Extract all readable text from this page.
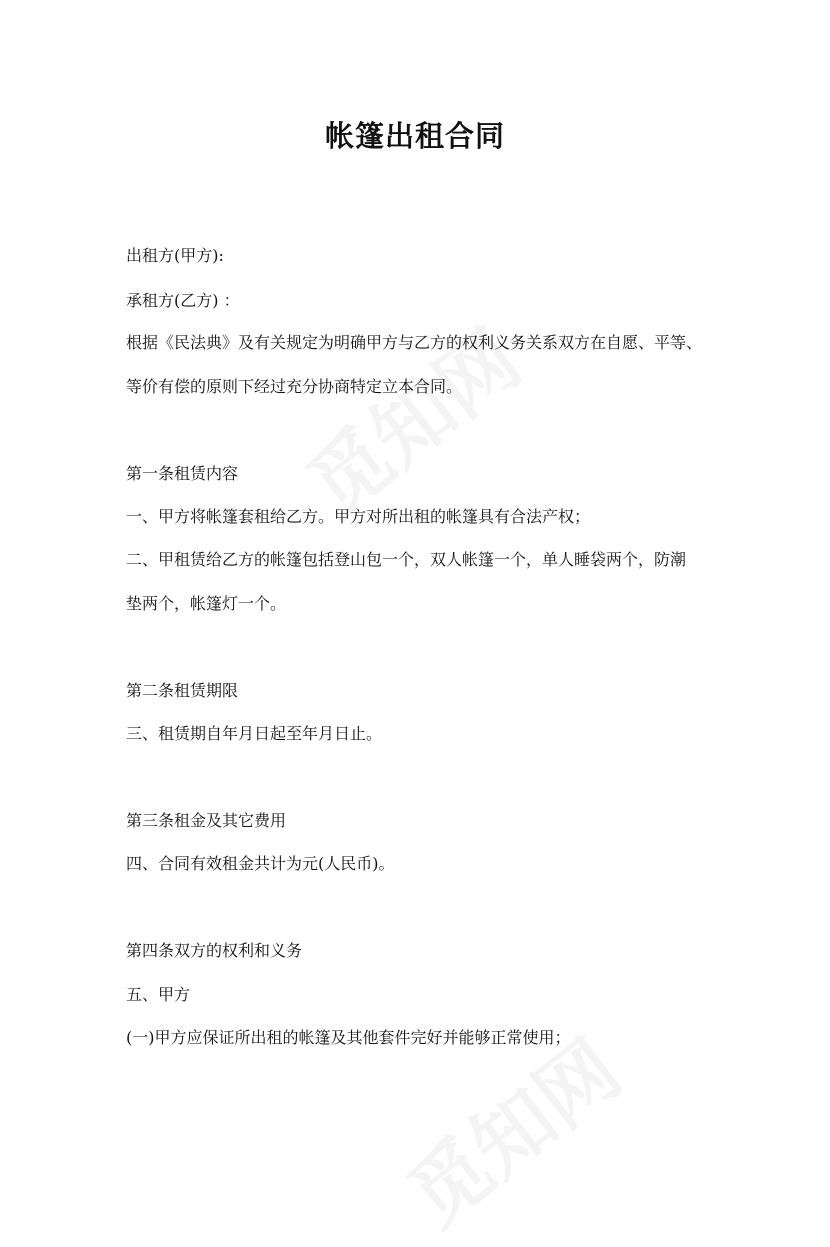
帐篷出租合同
出租方(甲方):
承租方(乙方) ：
根据《民法典》及有关规定为明确甲方与乙方的权利义务关系双方在自愿、平等、
等价有偿的原则下经过充分协商特定立本合同。
第一条租赁内容
一、甲方将帐篷套租给乙方。甲方对所出租的帐篷具有合法产权；
二、甲租赁给乙方的帐篷包括登山包一个，双人帐篷一个，单人睡袋两个，防潮
垫两个，帐篷灯一个。
第二条租赁期限
三、租赁期自年月日起至年月日止。
第三条租金及其它费用
四、合同有效租金共计为元(人民币)。
第四条双方的权利和义务
五、甲方
(一)甲方应保证所出租的帐篷及其他套件完好并能够正常使用；
